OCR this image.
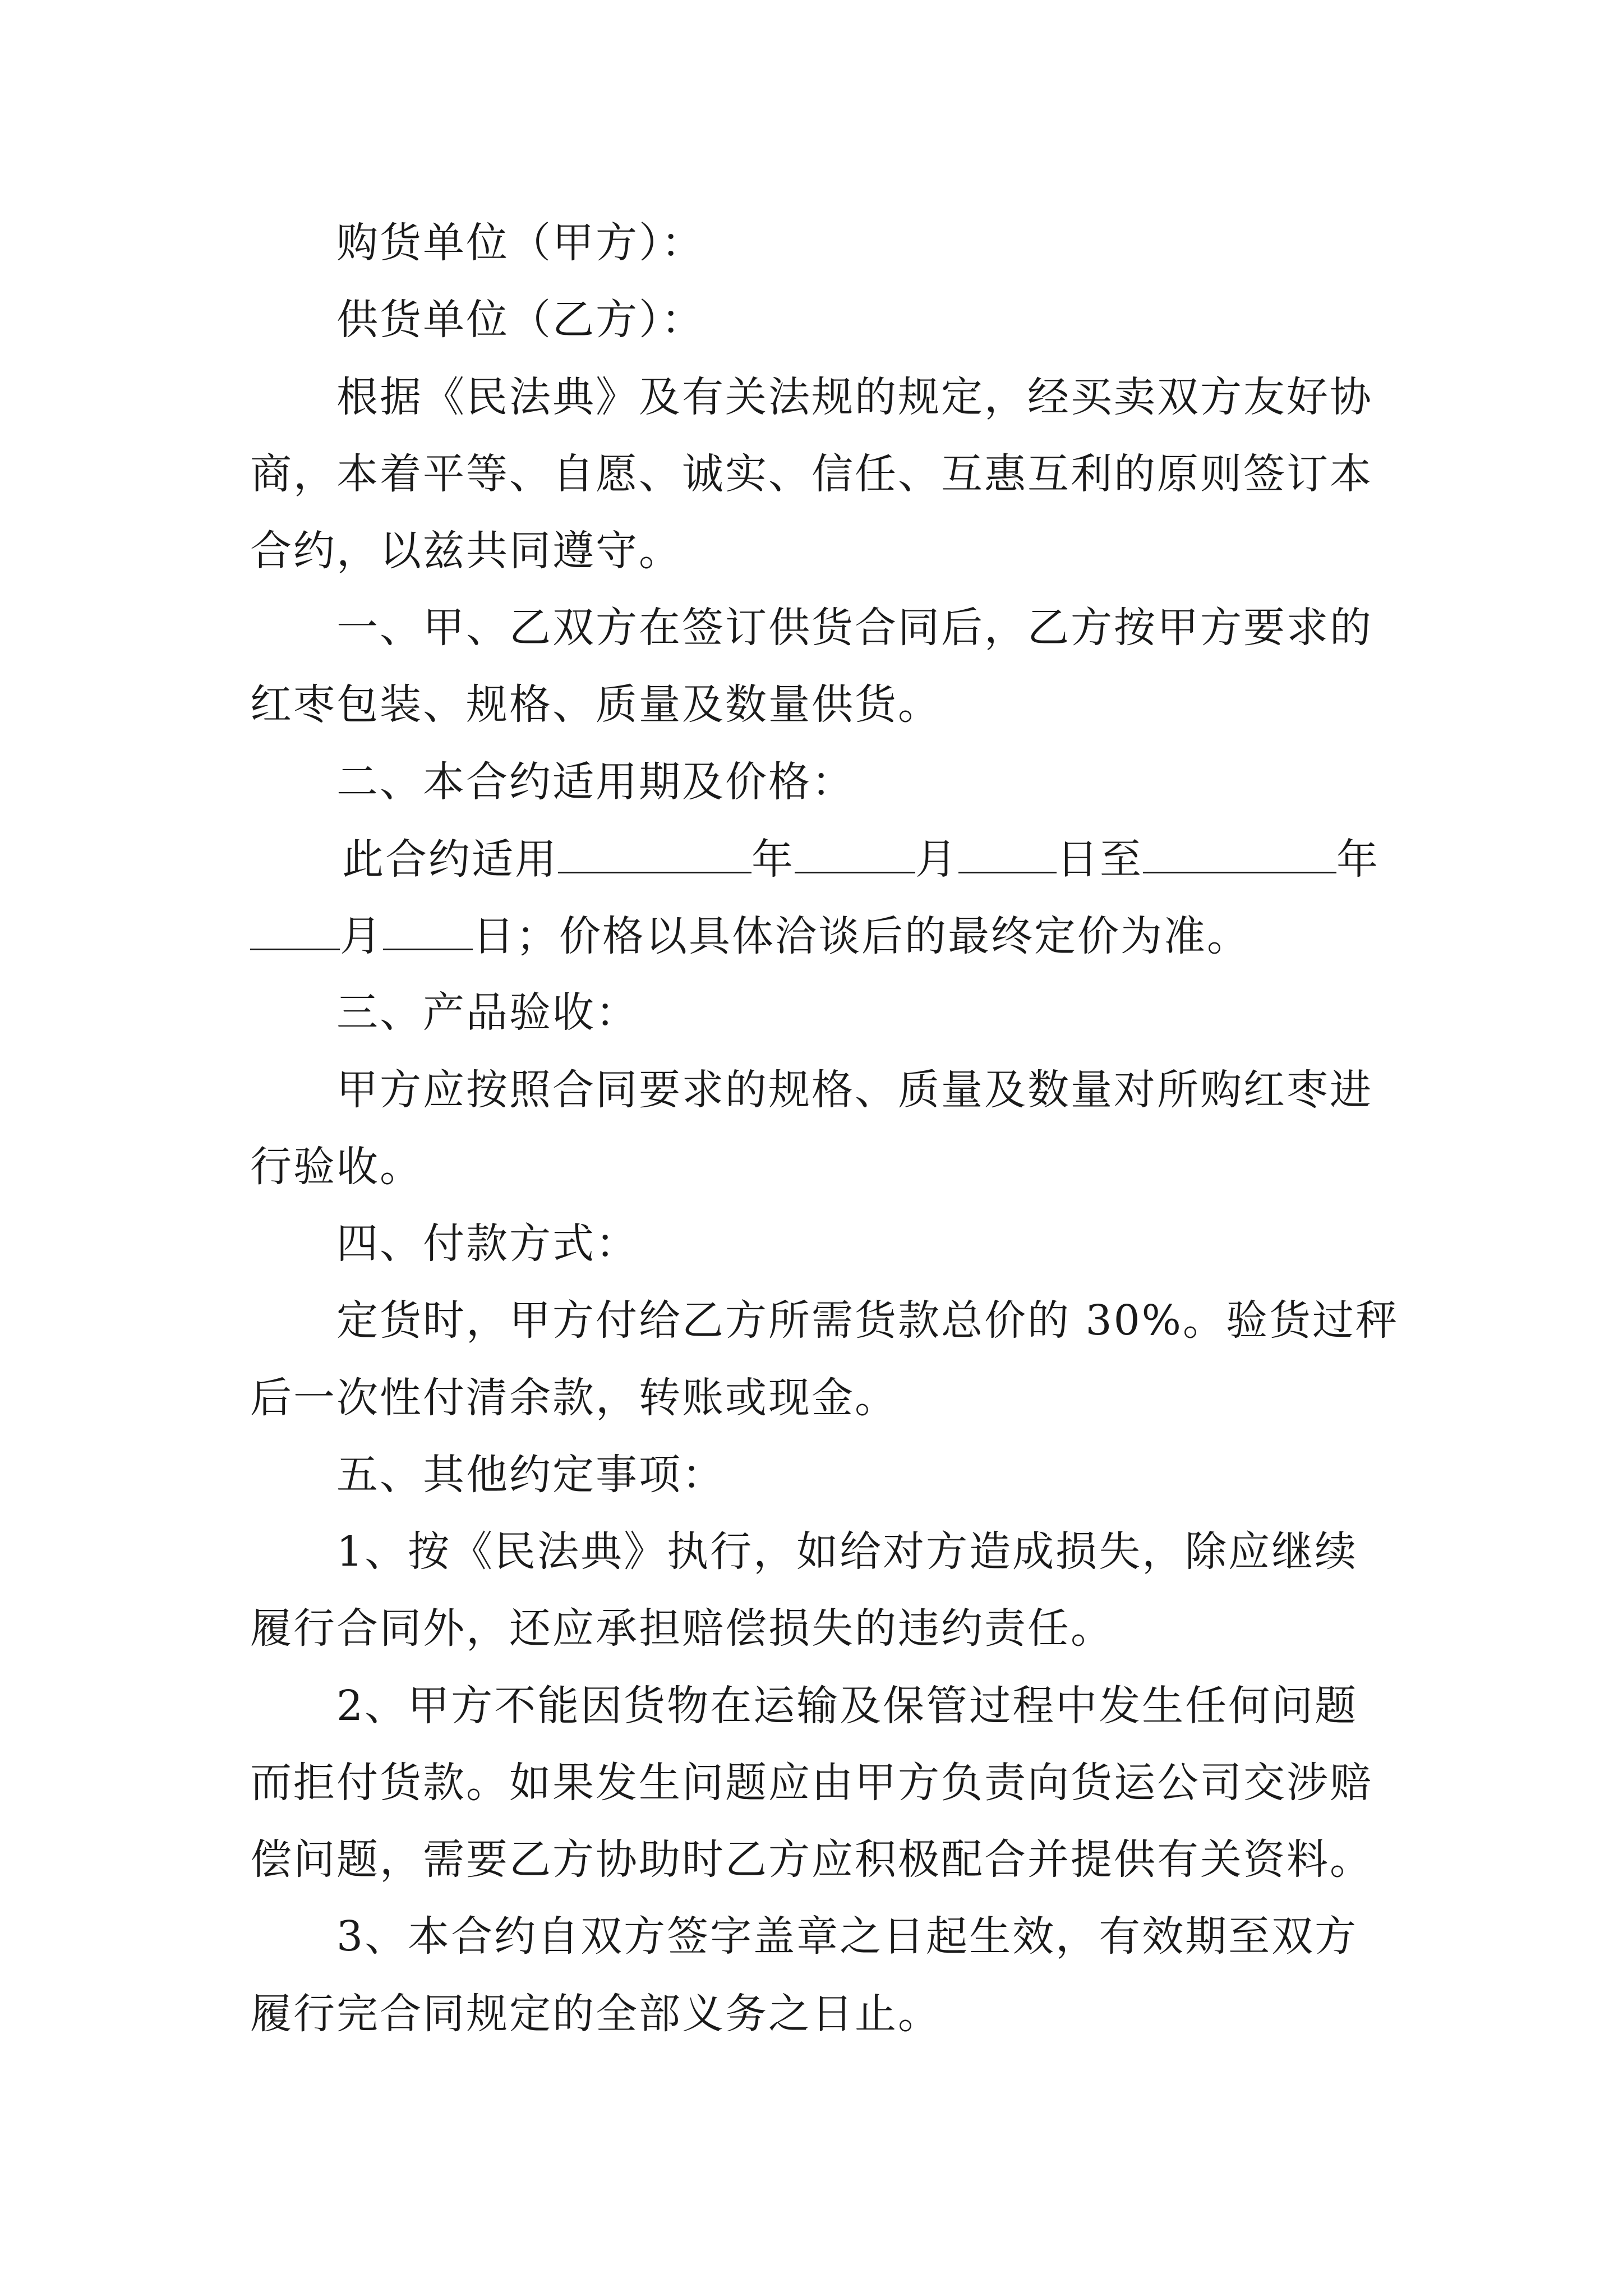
购货单位（甲方）：
供货单位（乙方）：
根据《民法典》及有关法规的规定，经买卖双方友好协
商，本着平等、自愿、诚实、信任、互惠互利的原则签订本
合约，以兹共同遵守。
一、甲、乙双方在签订供货合同后，乙方按甲方要求的
红枣包装、规格、质量及数量供货。
二、本合约适用期及价格：
此合约适用	年	月 日至	年
月 日；价格以具体洽谈后的最终定价为准。
三、产品验收：
甲方应按照合同要求的规格、质量及数量对所购红枣进
行验收。
四、付款方式：
定货时，甲方付给乙方所需货款总价的 30%。验货过秤
后一次性付清余款，转账或现金。
五、其他约定事项：
1、按《民法典》执行，如给对方造成损失，除应继续
履行合同外，还应承担赔偿损失的违约责任。
2、甲方不能因货物在运输及保管过程中发生任何问题
而拒付货款。如果发生问题应由甲方负责向货运公司交涉赔
偿问题，需要乙方协助时乙方应积极配合并提供有关资料。
3、本合约自双方签字盖章之日起生效，有效期至双方
履行完合同规定的全部义务之日止。
